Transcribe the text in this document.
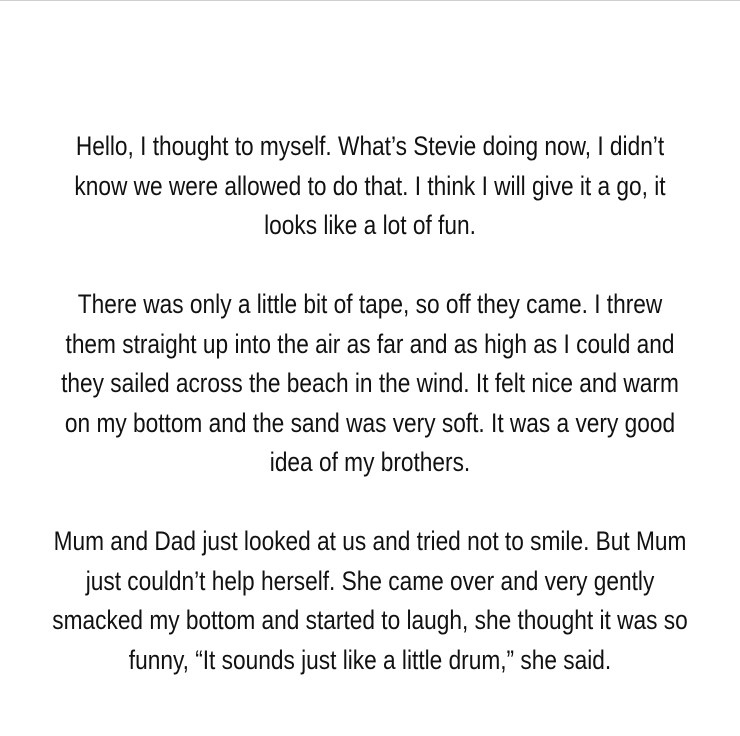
Hello, I thought to myself. What’s Stevie doing now, I didn’t know we were allowed to do that. I think I will give it a go, it looks like a lot of fun.

There was only a little bit of tape, so off they came. I threw them straight up into the air as far and as high as I could and they sailed across the beach in the wind. It felt nice and warm on my bottom and the sand was very soft. It was a very good idea of my brothers.

Mum and Dad just looked at us and tried not to smile. But Mum just couldn’t help herself. She came over and very gently smacked my bottom and started to laugh, she thought it was so funny, “It sounds just like a little drum,” she said.
